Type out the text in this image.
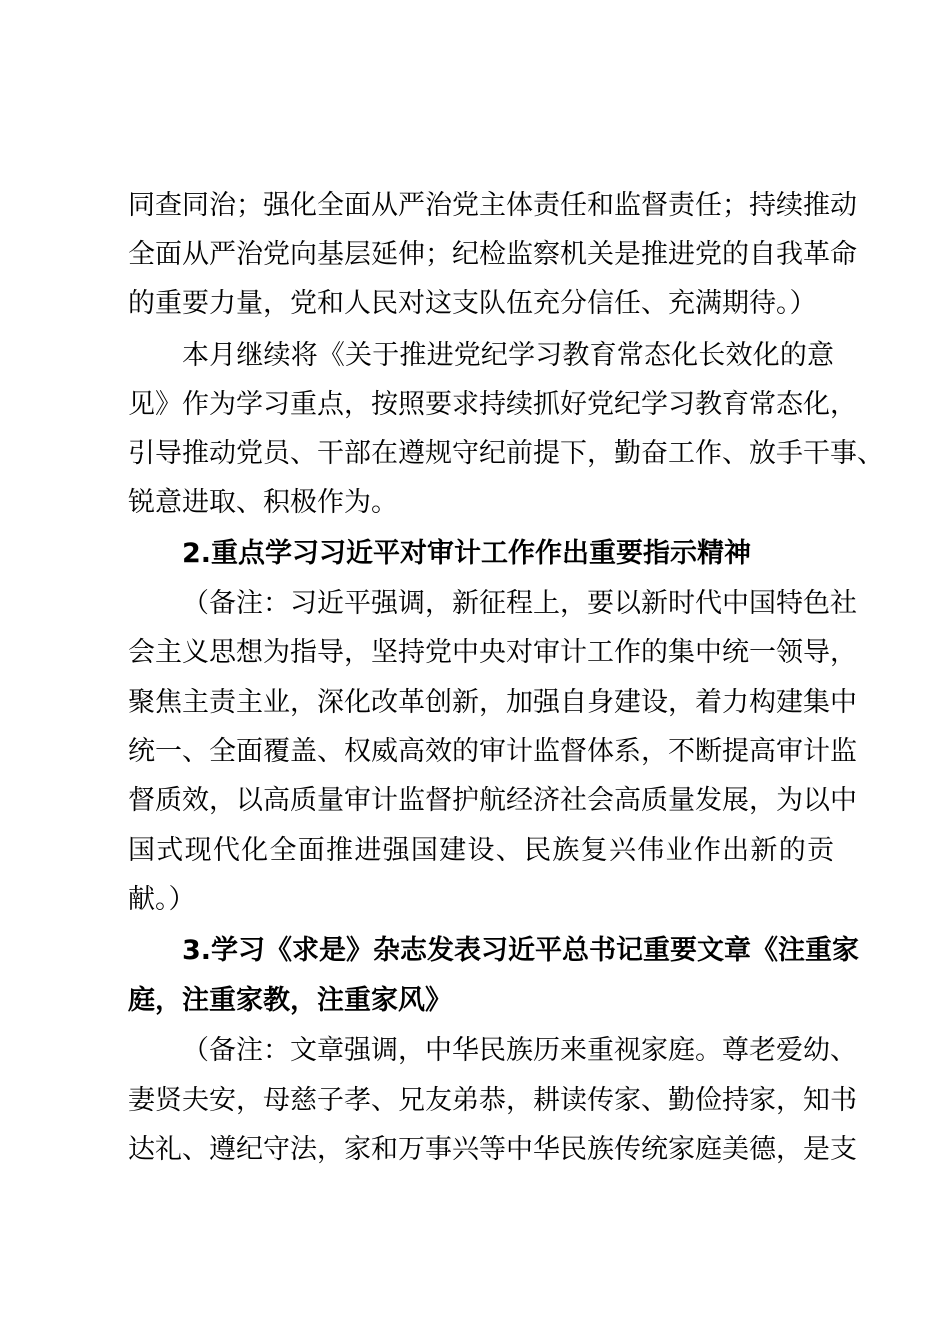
同查同治；强化全面从严治党主体责任和监督责任；持续推动
全面从严治党向基层延伸；纪检监察机关是推进党的自我革命
的重要力量，党和人民对这支队伍充分信任、充满期待。）
本月继续将《关于推进党纪学习教育常态化长效化的意
见》作为学习重点，按照要求持续抓好党纪学习教育常态化，
引导推动党员、干部在遵规守纪前提下，勤奋工作、放手干事、
锐意进取、积极作为。
2.重点学习习近平对审计工作作出重要指示精神
（备注：习近平强调，新征程上，要以新时代中国特色社
会主义思想为指导，坚持党中央对审计工作的集中统一领导，
聚焦主责主业，深化改革创新，加强自身建设，着力构建集中
统一、全面覆盖、权威高效的审计监督体系，不断提高审计监
督质效，以高质量审计监督护航经济社会高质量发展，为以中
国式现代化全面推进强国建设、民族复兴伟业作出新的贡
献。）
3.学习《求是》杂志发表习近平总书记重要文章《注重家
庭，注重家教，注重家风》
（备注：文章强调，中华民族历来重视家庭。尊老爱幼、
妻贤夫安，母慈子孝、兄友弟恭，耕读传家、勤俭持家，知书
达礼、遵纪守法，家和万事兴等中华民族传统家庭美德，是支
